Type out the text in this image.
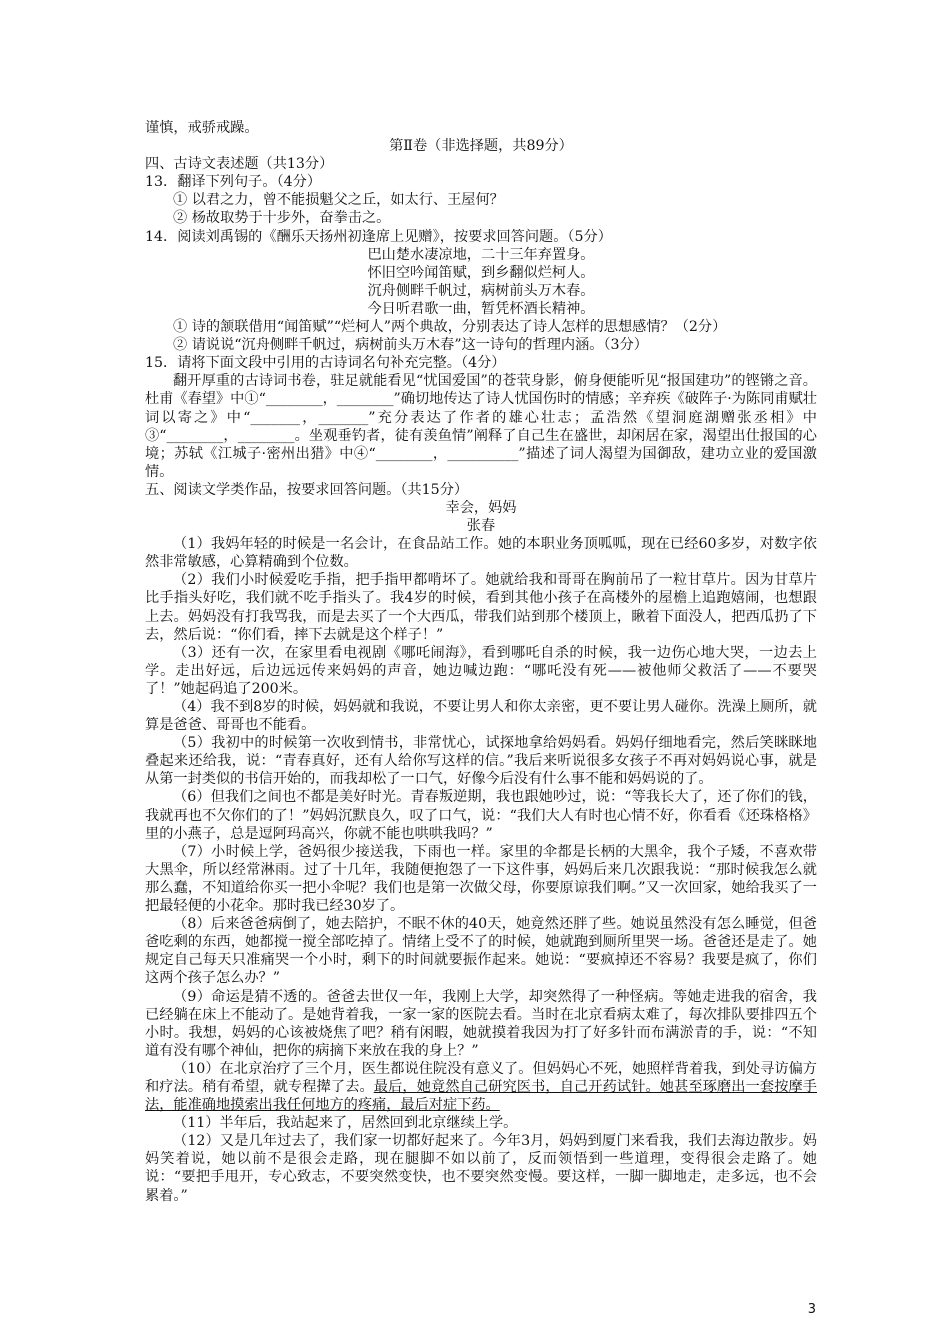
谨慎，戒骄戒躁。

第Ⅱ卷（非选择题，共89分）

四、古诗文表述题（共13分）

13．翻译下列句子。（4分）

① 以君之力，曾不能损魁父之丘，如太行、王屋何？

② 杨故取势于十步外，奋拳击之。

14．阅读刘禹锡的《酬乐天扬州初逢席上见赠》，按要求回答问题。（5分）

巴山楚水凄凉地，二十三年弃置身。

怀旧空吟闻笛赋，到乡翻似烂柯人。

沉舟侧畔千帆过，病树前头万木春。

今日听君歌一曲，暂凭杯酒长精神。

① 诗的颔联借用“闻笛赋”“烂柯人”两个典故，分别表达了诗人怎样的思想感情？（2分）

② 请说说“沉舟侧畔千帆过，病树前头万木春”这一诗句的哲理内涵。（3分）

15．请将下面文段中引用的古诗词名句补充完整。（4分）

翻开厚重的古诗词书卷，驻足就能看见“忧国爱国”的苍茕身影，俯身便能听见“报国建功”的铿锵之音。杜甫《春望》中①“________，________”确切地传达了诗人忧国伤时的情感；辛弃疾《破阵子·为陈同甫赋壮词以寄之》中“_______，_______”充分表达了作者的雄心壮志；孟浩然《望洞庭湖赠张丞相》中③“________，________。坐观垂钓者，徒有羡鱼情”阐释了自己生在盛世，却闲居在家，渴望出仕报国的心境；苏轼《江城子·密州出猎》中④“________，__________”描述了词人渴望为国御敌，建功立业的爱国激情。

五、阅读文学类作品，按要求回答问题。（共15分）

幸会，妈妈

张春

（1）我妈年轻的时候是一名会计，在食品站工作。她的本职业务顶呱呱，现在已经60多岁，对数字依然非常敏感，心算精确到个位数。

（2）我们小时候爱吃手指，把手指甲都啃坏了。她就给我和哥哥在胸前吊了一粒甘草片。因为甘草片比手指头好吃，我们就不吃手指头了。我4岁的时候，看到其他小孩子在高楼外的屋檐上追跑嬉闹，也想跟上去。妈妈没有打我骂我，而是去买了一个大西瓜，带我们站到那个楼顶上，瞅着下面没人，把西瓜扔了下去，然后说：“你们看，摔下去就是这个样子！”

（3）还有一次，在家里看电视剧《哪吒闹海》，看到哪吒自杀的时候，我一边伤心地大哭，一边去上学。走出好远，后边远远传来妈妈的声音，她边喊边跑：“哪吒没有死——被他师父救活了——不要哭了！”她起码追了200米。

（4）我不到8岁的时候，妈妈就和我说，不要让男人和你太亲密，更不要让男人碰你。洗澡上厕所，就算是爸爸、哥哥也不能看。

（5）我初中的时候第一次收到情书，非常忧心，试探地拿给妈妈看。妈妈仔细地看完，然后笑眯眯地叠起来还给我，说：“青春真好，还有人给你写这样的信。”我后来听说很多女孩子不再对妈妈说心事，就是从第一封类似的书信开始的，而我却松了一口气，好像今后没有什么事不能和妈妈说的了。

（6）但我们之间也不都是美好时光。青春叛逆期，我也跟她吵过，说：“等我长大了，还了你们的钱，我就再也不欠你们的了！”妈妈沉默良久，叹了口气，说：“我们大人有时也心情不好，你看看《还珠格格》里的小燕子，总是逗阿玛高兴，你就不能也哄哄我吗？”

（7）小时候上学，爸妈很少接送我，下雨也一样。家里的伞都是长柄的大黑伞，我个子矮，不喜欢带大黑伞，所以经常淋雨。过了十几年，我随便抱怨了一下这件事，妈妈后来几次跟我说：“那时候我怎么就那么蠢，不知道给你买一把小伞呢？我们也是第一次做父母，你要原谅我们啊。”又一次回家，她给我买了一把最轻便的小花伞。那时我已经30岁了。

（8）后来爸爸病倒了，她去陪护，不眠不休的40天，她竟然还胖了些。她说虽然没有怎么睡觉，但爸爸吃剩的东西，她都搅一搅全部吃掉了。情绪上受不了的时候，她就跑到厕所里哭一场。爸爸还是走了。她规定自己每天只准痛哭一个小时，剩下的时间就要振作起来。她说：“要疯掉还不容易？我要是疯了，你们这两个孩子怎么办？”

（9）命运是猜不透的。爸爸去世仅一年，我刚上大学，却突然得了一种怪病。等她走进我的宿舍，我已经躺在床上不能动了。是她背着我，一家一家的医院去看。当时在北京看病太难了，每次排队要排四五个小时。我想，妈妈的心该被烧焦了吧？稍有闲暇，她就摸着我因为打了好多针而布满淤青的手，说：“不知道有没有哪个神仙，把你的病摘下来放在我的身上？”

（10）在北京治疗了三个月，医生都说住院没有意义了。但妈妈心不死，她照样背着我，到处寻访偏方和疗法。稍有希望，就专程撵了去。最后，她竟然自己研究医书，自己开药试针。她甚至琢磨出一套按摩手法，能准确地摸索出我任何地方的疼痛，最后对症下药。

（11）半年后，我站起来了，居然回到北京继续上学。

（12）又是几年过去了，我们家一切都好起来了。今年3月，妈妈到厦门来看我，我们去海边散步。妈妈笑着说，她以前不是很会走路，现在腿脚不如以前了，反而领悟到一些道理，变得很会走路了。她说：“要把手甩开，专心致志，不要突然变快，也不要突然变慢。要这样，一脚一脚地走，走多远，也不会累着。”

3
